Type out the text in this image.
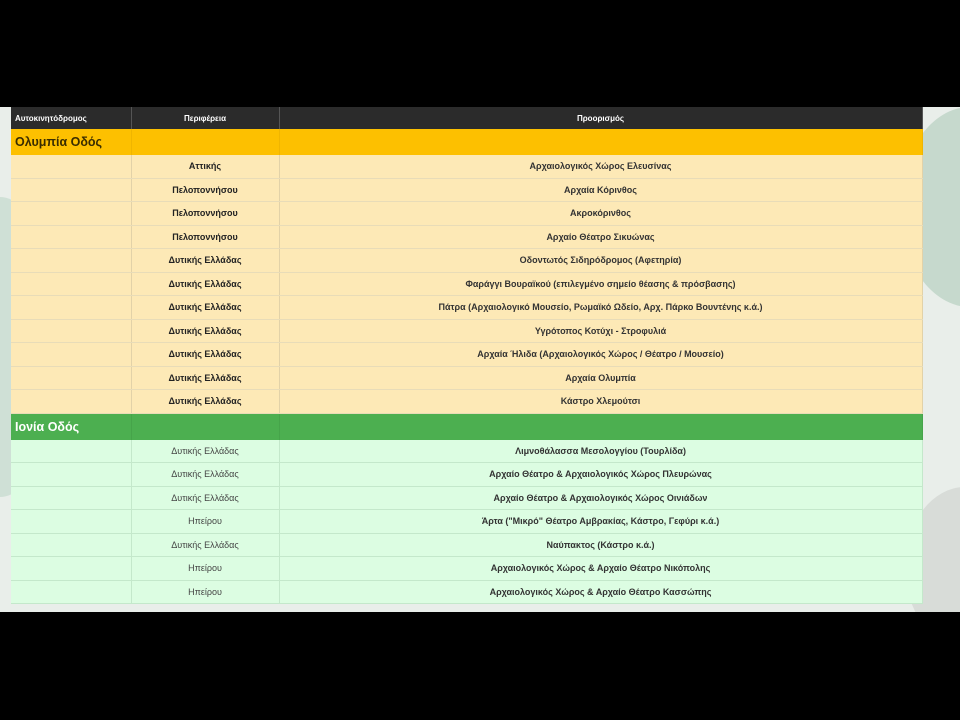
Αυτοκινητόδρομος	Περιφέρεια	Προορισμός
Ολυμπία Οδός		
	Αττικής	Αρχαιολογικός Χώρος Ελευσίνας
	Πελοποννήσου	Αρχαία Κόρινθος
	Πελοποννήσου	Ακροκόρινθος
	Πελοποννήσου	Αρχαίο Θέατρο Σικυώνας
	Δυτικής Ελλάδας	Οδοντωτός Σιδηρόδρομος (Αφετηρία)
	Δυτικής Ελλάδας	Φαράγγι Βουραϊκού (επιλεγμένο σημείο θέασης & πρόσβασης)
	Δυτικής Ελλάδας	Πάτρα (Αρχαιολογικό Μουσείο, Ρωμαϊκό Ωδείο, Αρχ. Πάρκο Βουντένης κ.ά.)
	Δυτικής Ελλάδας	Υγρότοπος Κοτύχι - Στροφυλιά
	Δυτικής Ελλάδας	Αρχαία Ήλιδα (Αρχαιολογικός Χώρος / Θέατρο / Μουσείο)
	Δυτικής Ελλάδας	Αρχαία Ολυμπία
	Δυτικής Ελλάδας	Κάστρο Χλεμούτσι
Ιονία Οδός		
	Δυτικής Ελλάδας	Λιμνοθάλασσα Μεσολογγίου (Τουρλίδα)
	Δυτικής Ελλάδας	Αρχαίο Θέατρο & Αρχαιολογικός Χώρος Πλευρώνας
	Δυτικής Ελλάδας	Αρχαίο Θέατρο & Αρχαιολογικός Χώρος Οινιάδων
	Ηπείρου	Άρτα ("Μικρό" Θέατρο Αμβρακίας, Κάστρο, Γεφύρι κ.ά.)
	Δυτικής Ελλάδας	Ναύπακτος (Κάστρο κ.ά.)
	Ηπείρου	Αρχαιολογικός Χώρος & Αρχαίο Θέατρο Νικόπολης
	Ηπείρου	Αρχαιολογικός Χώρος & Αρχαίο Θέατρο Κασσώπης
